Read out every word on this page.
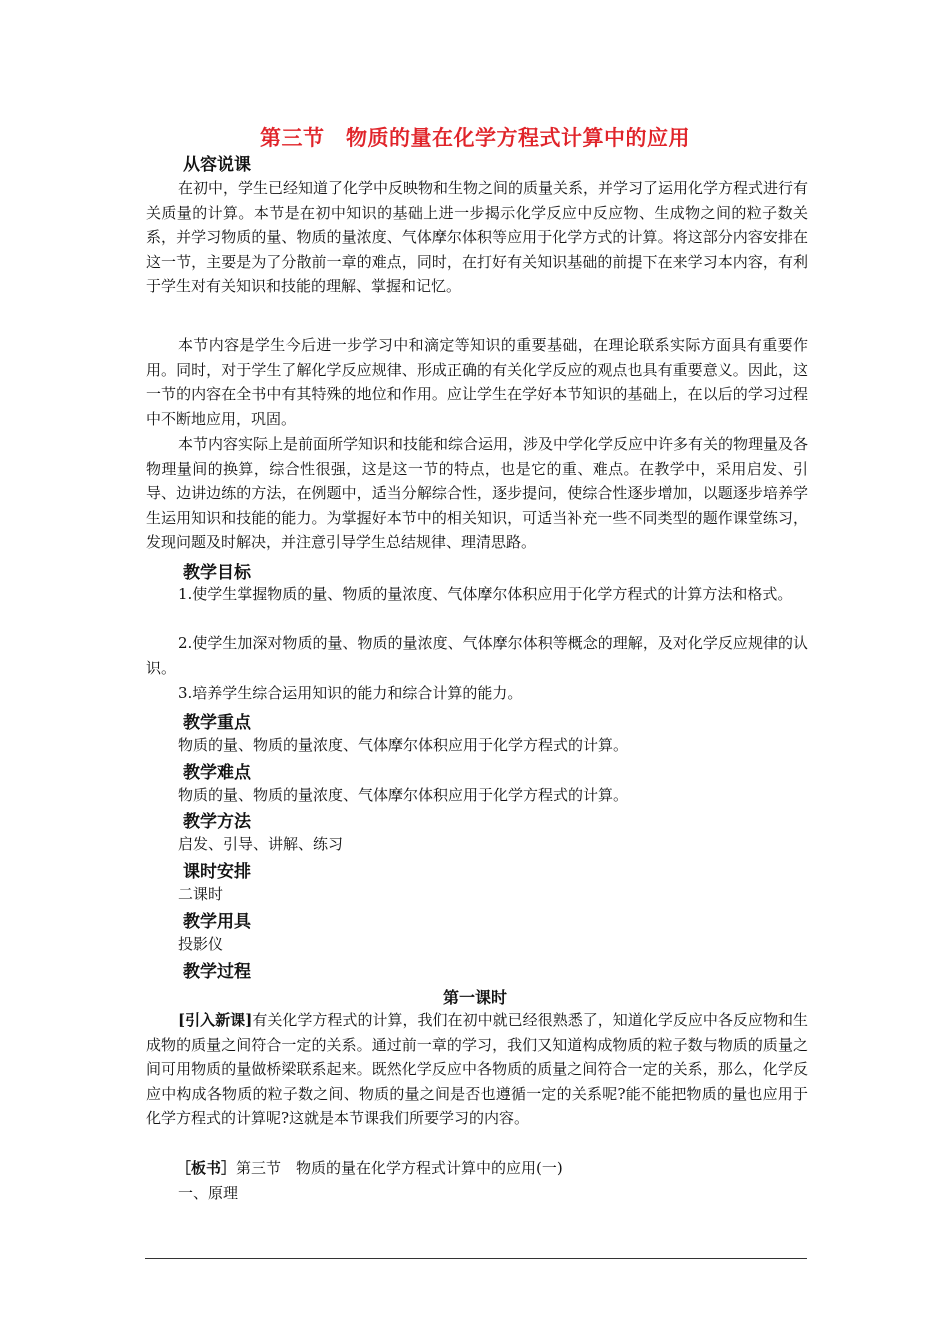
第三节　物质的量在化学方程式计算中的应用
从容说课

在初中，学生已经知道了化学中反映物和生物之间的质量关系，并学习了运用化学方程式进行有关质量的计算。本节是在初中知识的基础上进一步揭示化学反应中反应物、生成物之间的粒子数关系，并学习物质的量、物质的量浓度、气体摩尔体积等应用于化学方式的计算。将这部分内容安排在这一节，主要是为了分散前一章的难点，同时，在打好有关知识基础的前提下在来学习本内容，有利于学生对有关知识和技能的理解、掌握和记忆。

本节内容是学生今后进一步学习中和滴定等知识的重要基础，在理论联系实际方面具有重要作用。同时，对于学生了解化学反应规律、形成正确的有关化学反应的观点也具有重要意义。因此，这一节的内容在全书中有其特殊的地位和作用。应让学生在学好本节知识的基础上，在以后的学习过程中不断地应用，巩固。

本节内容实际上是前面所学知识和技能和综合运用，涉及中学化学反应中许多有关的物理量及各物理量间的换算，综合性很强，这是这一节的特点，也是它的重、难点。在教学中，采用启发、引导、边讲边练的方法，在例题中，适当分解综合性，逐步提问，使综合性逐步增加，以题逐步培养学生运用知识和技能的能力。为掌握好本节中的相关知识，可适当补充一些不同类型的题作课堂练习，发现问题及时解决，并注意引导学生总结规律、理清思路。

教学目标

1.使学生掌握物质的量、物质的量浓度、气体摩尔体积应用于化学方程式的计算方法和格式。

2.使学生加深对物质的量、物质的量浓度、气体摩尔体积等概念的理解，及对化学反应规律的认识。

3.培养学生综合运用知识的能力和综合计算的能力。

教学重点
物质的量、物质的量浓度、气体摩尔体积应用于化学方程式的计算。
教学难点
物质的量、物质的量浓度、气体摩尔体积应用于化学方程式的计算。
教学方法
启发、引导、讲解、练习
课时安排
二课时
教学用具
投影仪
教学过程
第一课时

[引入新课]有关化学方程式的计算，我们在初中就已经很熟悉了，知道化学反应中各反应物和生成物的质量之间符合一定的关系。通过前一章的学习，我们又知道构成物质的粒子数与物质的质量之间可用物质的量做桥梁联系起来。既然化学反应中各物质的质量之间符合一定的关系，那么，化学反应中构成各物质的粒子数之间、物质的量之间是否也遵循一定的关系呢?能不能把物质的量也应用于化学方程式的计算呢?这就是本节课我们所要学习的内容。

［板书］第三节　物质的量在化学方程式计算中的应用(一)
一、原理
